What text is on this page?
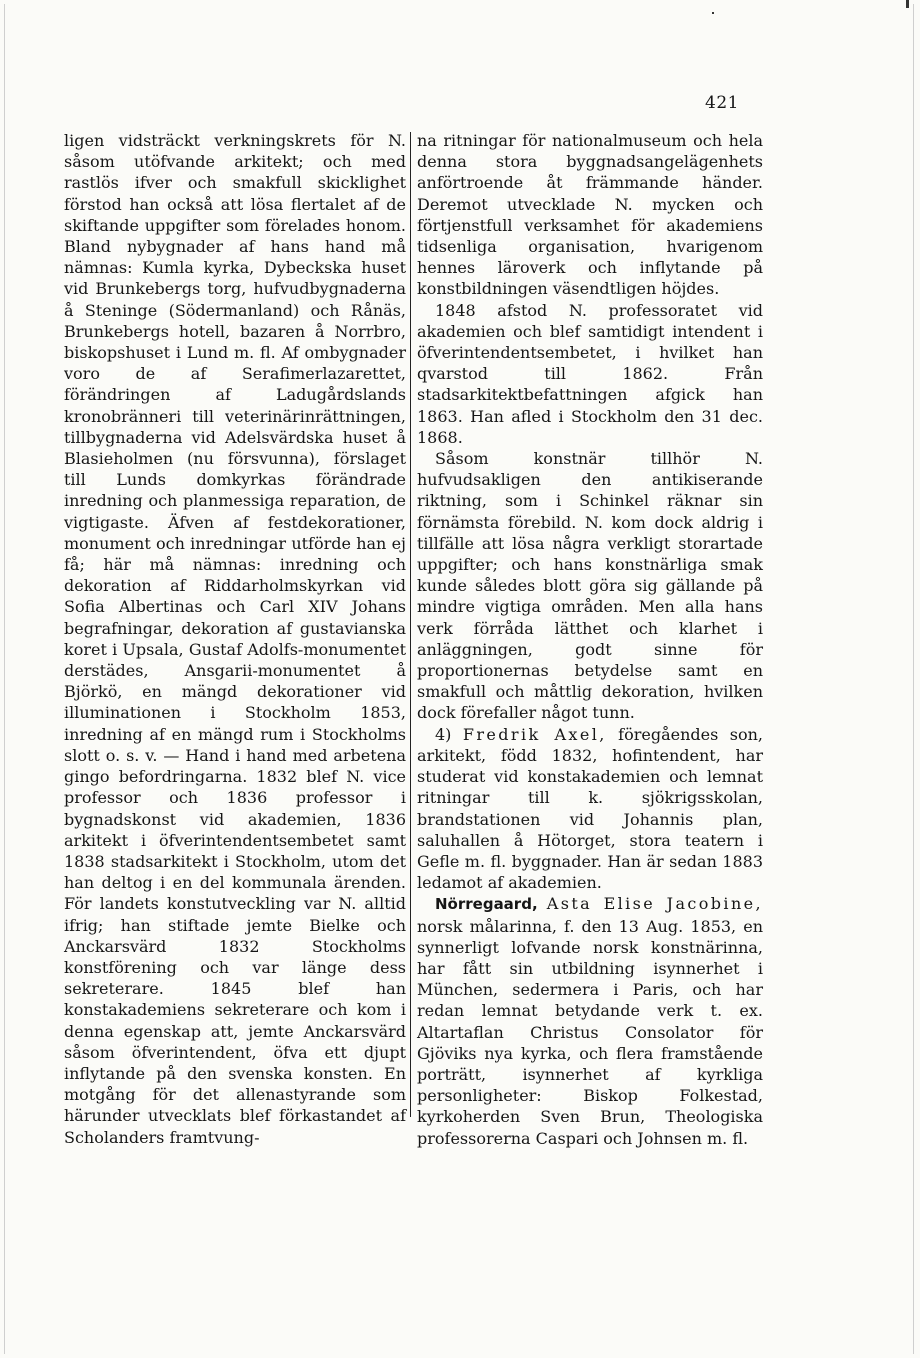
421

ligen vidsträckt verkningskrets för N. såsom utöfvande arkitekt; och med rastlös ifver och smakfull skicklighet förstod han också att lösa flertalet af de skiftande uppgifter som förelades honom. Bland nybygnader af hans hand må nämnas: Kumla kyrka, Dybeckska huset vid Brunkebergs torg, hufvudbygnaderna å Steninge (Södermanland) och Rånäs, Brunkebergs hotell, bazaren å Norrbro, biskopshuset i Lund m. fl. Af ombygnader voro de af Serafimerlazarettet, förändringen af Ladugårdslands kronobränneri till veterinärinrättningen, tillbygnaderna vid Adelsvärdska huset å Blasieholmen (nu försvunna), förslaget till Lunds domkyrkas förändrade inredning och planmessiga reparation, de vigtigaste. Äfven af festdekorationer, monument och inredningar utförde han ej få; här må nämnas: inredning och dekoration af Riddarholmskyrkan vid Sofia Albertinas och Carl XIV Johans begrafningar, dekoration af gustavianska koret i Upsala, Gustaf Adolfs-monumentet derstädes, Ansgarii-monumentet å Björkö, en mängd dekorationer vid illuminationen i Stockholm 1853, inredning af en mängd rum i Stockholms slott o. s. v. — Hand i hand med arbetena gingo befordringarna. 1832 blef N. vice professor och 1836 professor i bygnadskonst vid akademien, 1836 arkitekt i öfverintendentsembetet samt 1838 stadsarkitekt i Stockholm, utom det han deltog i en del kommunala ärenden. För landets konstutveckling var N. alltid ifrig; han stiftade jemte Bielke och Anckarsvärd 1832 Stockholms konstförening och var länge dess sekreterare. 1845 blef han konstakademiens sekreterare och kom i denna egenskap att, jemte Anckarsvärd såsom öfverintendent, öfva ett djupt inflytande på den svenska konsten. En motgång för det allenastyrande som härunder utvecklats blef förkastandet af Scholanders framtvung-

na ritningar för nationalmuseum och hela denna stora byggnadsangelägenhets anförtroende åt främmande händer. Deremot utvecklade N. mycken och förtjenstfull verksamhet för akademiens tidsenliga organisation, hvarigenom hennes läroverk och inflytande på konstbildningen väsendtligen höjdes.

1848 afstod N. professoratet vid akademien och blef samtidigt intendent i öfverintendentsembetet, i hvilket han qvarstod till 1862. Från stadsarkitektbefattningen afgick han 1863. Han afled i Stockholm den 31 dec. 1868.

Såsom konstnär tillhör N. hufvudsakligen den antikiserande riktning, som i Schinkel räknar sin förnämsta förebild. N. kom dock aldrig i tillfälle att lösa några verkligt storartade uppgifter; och hans konstnärliga smak kunde således blott göra sig gällande på mindre vigtiga områden. Men alla hans verk förråda lätthet och klarhet i anläggningen, godt sinne för proportionernas betydelse samt en smakfull och måttlig dekoration, hvilken dock förefaller något tunn.

4) Fredrik Axel, föregåendes son, arkitekt, född 1832, hofintendent, har studerat vid konstakademien och lemnat ritningar till k. sjökrigsskolan, brandstationen vid Johannis plan, saluhallen å Hötorget, stora teatern i Gefle m. fl. byggnader. Han är sedan 1883 ledamot af akademien.

Nörregaard, Asta Elise Jacobine, norsk målarinna, f. den 13 Aug. 1853, en synnerligt lofvande norsk konstnärinna, har fått sin utbildning isynnerhet i München, sedermera i Paris, och har redan lemnat betydande verk t. ex. Altartaflan Christus Consolator för Gjöviks nya kyrka, och flera framstående porträtt, isynnerhet af kyrkliga personligheter: Biskop Folkestad, kyrkoherden Sven Brun, Theologiska professorerna Caspari och Johnsen m. fl.
